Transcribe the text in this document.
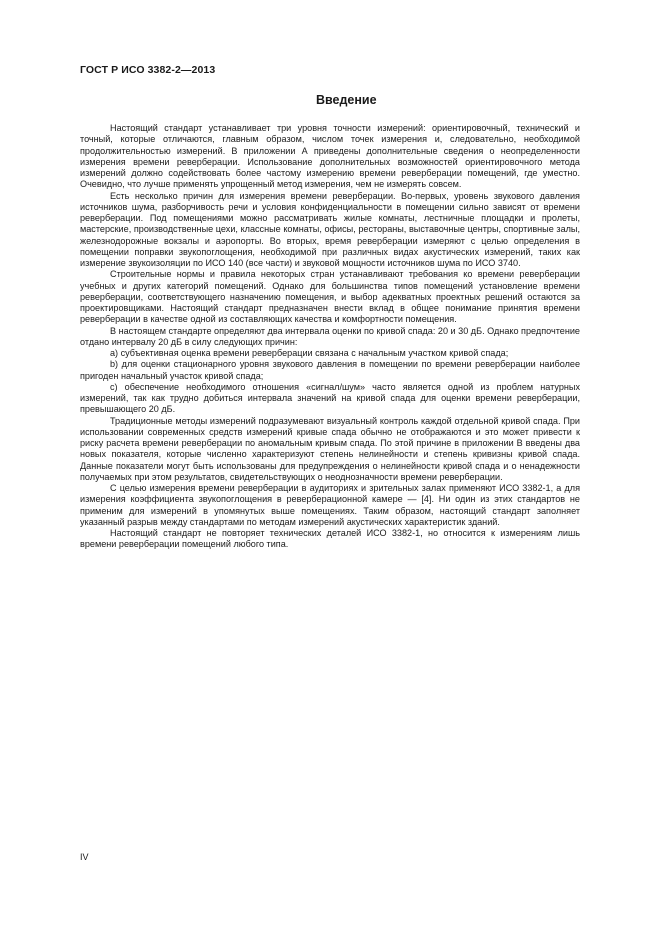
ГОСТ Р ИСО 3382-2—2013
Введение

Настоящий стандарт устанавливает три уровня точности измерений: ориентировочный, технический и точный, которые отличаются, главным образом, числом точек измерения и, следовательно, необходимой продолжительностью измерений. В приложении А приведены дополнительные сведения о неопределенности измерения времени реверберации. Использование дополнительных возможностей ориентировочного метода измерений должно содействовать более частому измерению времени реверберации помещений, где уместно. Очевидно, что лучше применять упрощенный метод измерения, чем не измерять совсем.

Есть несколько причин для измерения времени реверберации. Во-первых, уровень звукового давления источников шума, разборчивость речи и условия конфиденциальности в помещении сильно зависят от времени реверберации. Под помещениями можно рассматривать жилые комнаты, лестничные площадки и пролеты, мастерские, производственные цехи, классные комнаты, офисы, рестораны, выставочные центры, спортивные залы, железнодорожные вокзалы и аэропорты. Во вторых, время реверберации измеряют с целью определения в помещении поправки звукопоглощения, необходимой при различных видах акустических измерений, таких как измерение звукоизоляции по ИСО 140 (все части) и звуковой мощности источников шума по ИСО 3740.

Строительные нормы и правила некоторых стран устанавливают требования ко времени реверберации учебных и других категорий помещений. Однако для большинства типов помещений установление времени реверберации, соответствующего назначению помещения, и выбор адекватных проектных решений остаются за проектировщиками. Настоящий стандарт предназначен внести вклад в общее понимание принятия времени реверберации в качестве одной из составляющих качества и комфортности помещения.

В настоящем стандарте определяют два интервала оценки по кривой спада: 20 и 30 дБ. Однако предпочтение отдано интервалу 20 дБ в силу следующих причин:

a) субъективная оценка времени реверберации связана с начальным участком кривой спада;

b) для оценки стационарного уровня звукового давления в помещении по времени реверберации наиболее пригоден начальный участок кривой спада;

c) обеспечение необходимого отношения «сигнал/шум» часто является одной из проблем натурных измерений, так как трудно добиться интервала значений на кривой спада для оценки времени реверберации, превышающего 20 дБ.

Традиционные методы измерений подразумевают визуальный контроль каждой отдельной кривой спада. При использовании современных средств измерений кривые спада обычно не отображаются и это может привести к риску расчета времени реверберации по аномальным кривым спада. По этой причине в приложении В введены два новых показателя, которые численно характеризуют степень нелинейности и степень кривизны кривой спада. Данные показатели могут быть использованы для предупреждения о нелинейности кривой спада и о ненадежности получаемых при этом результатов, свидетельствующих о неоднозначности времени реверберации.

С целью измерения времени реверберации в аудиториях и зрительных залах применяют ИСО 3382-1, а для измерения коэффициента звукопоглощения в реверберационной камере — [4]. Ни один из этих стандартов не применим для измерений в упомянутых выше помещениях. Таким образом, настоящий стандарт заполняет указанный разрыв между стандартами по методам измерений акустических характеристик зданий.

Настоящий стандарт не повторяет технических деталей ИСО 3382-1, но относится к измерениям лишь времени реверберации помещений любого типа.

IV
